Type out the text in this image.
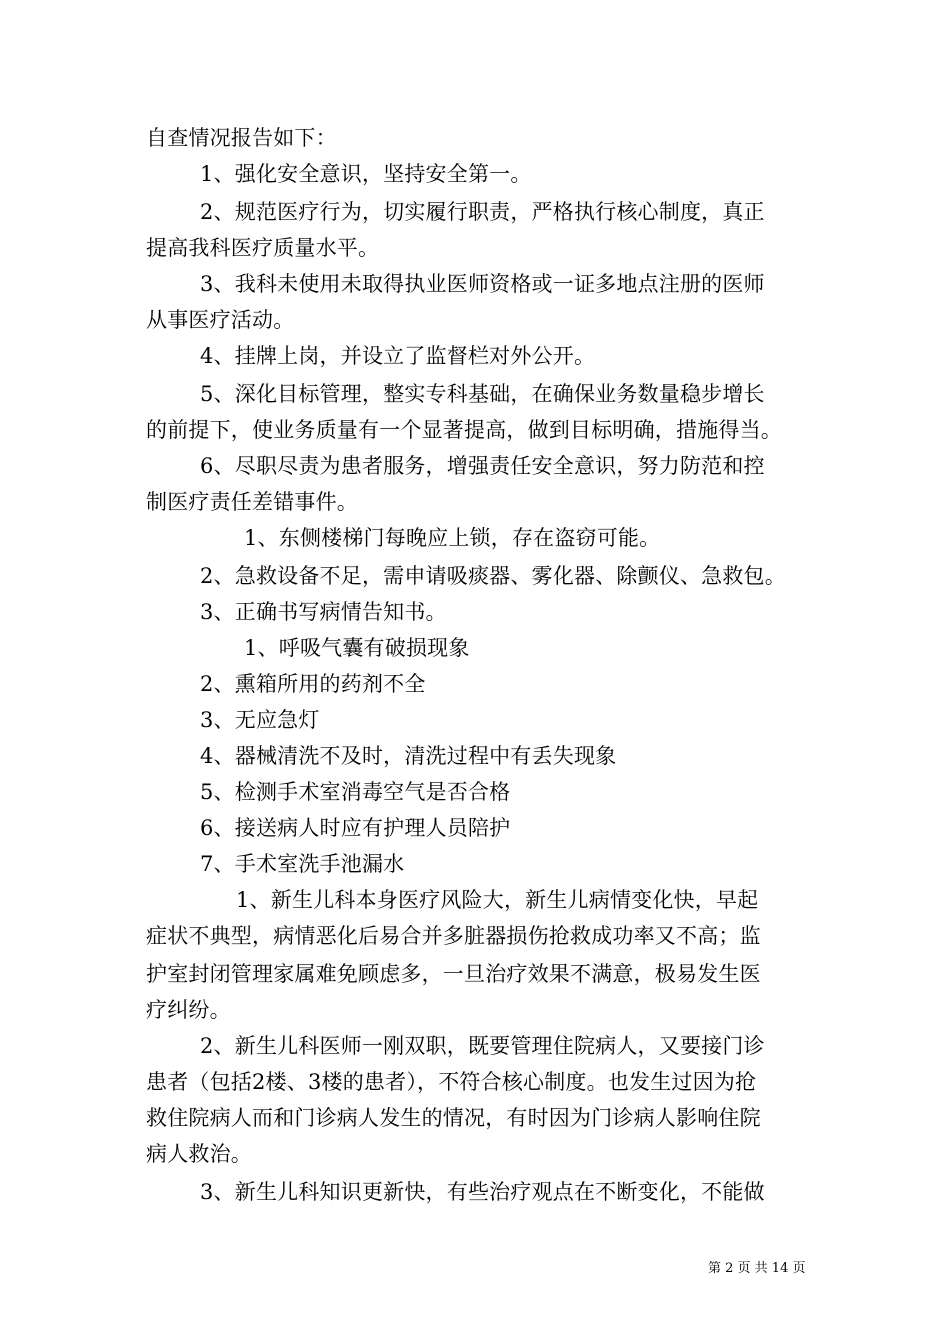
自查情况报告如下：
1、强化安全意识，坚持安全第一。
2、规范医疗行为，切实履行职责，严格执行核心制度，真正
提高我科医疗质量水平。
3、我科未使用未取得执业医师资格或一证多地点注册的医师
从事医疗活动。
4、挂牌上岗，并设立了监督栏对外公开。
5、深化目标管理，整实专科基础，在确保业务数量稳步增长
的前提下，使业务质量有一个显著提高，做到目标明确，措施得当。
6、尽职尽责为患者服务，增强责任安全意识，努力防范和控
制医疗责任差错事件。
1、东侧楼梯门每晚应上锁，存在盗窃可能。
2、急救设备不足，需申请吸痰器、雾化器、除颤仪、急救包。
3、正确书写病情告知书。
1、呼吸气囊有破损现象
2、熏箱所用的药剂不全
3、无应急灯
4、器械清洗不及时，清洗过程中有丢失现象
5、检测手术室消毒空气是否合格
6、接送病人时应有护理人员陪护
7、手术室洗手池漏水
1、新生儿科本身医疗风险大，新生儿病情变化快，早起
症状不典型，病情恶化后易合并多脏器损伤抢救成功率又不高；监
护室封闭管理家属难免顾虑多，一旦治疗效果不满意，极易发生医
疗纠纷。
2、新生儿科医师一刚双职，既要管理住院病人，又要接门诊
患者（包括2楼、3楼的患者），不符合核心制度。也发生过因为抢
救住院病人而和门诊病人发生的情况，有时因为门诊病人影响住院
病人救治。
3、新生儿科知识更新快，有些治疗观点在不断变化，不能做
第 2 页 共 14 页
